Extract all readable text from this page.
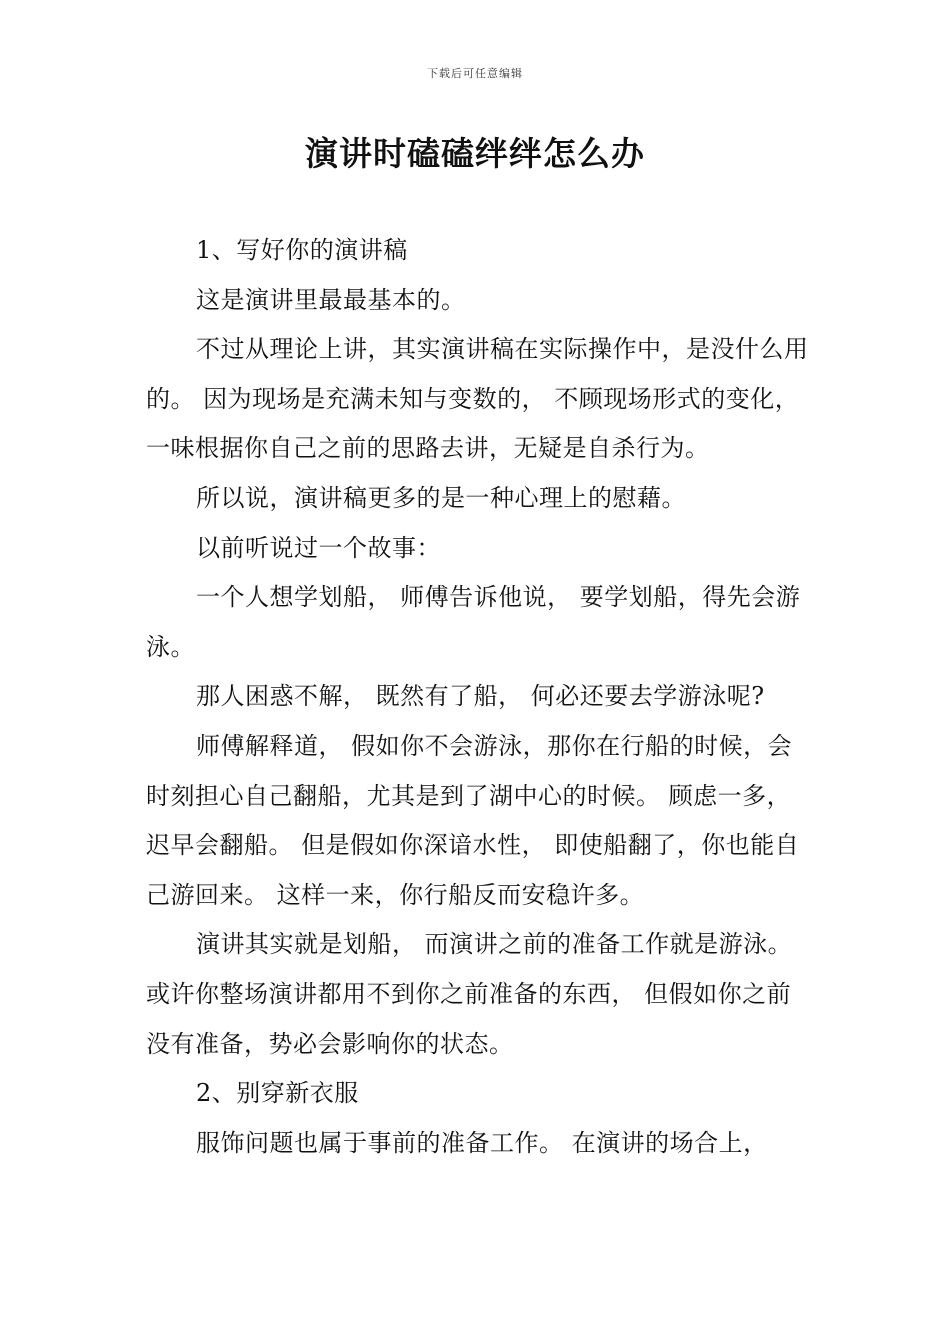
下载后可任意编辑
演讲时磕磕绊绊怎么办

1、写好你的演讲稿

这是演讲里最最基本的。

不过从理论上讲，其实演讲稿在实际操作中，是没什么用的。 因为现场是充满未知与变数的， 不顾现场形式的变化，一味根据你自己之前的思路去讲，无疑是自杀行为。

所以说，演讲稿更多的是一种心理上的慰藉。

以前听说过一个故事：

一个人想学划船， 师傅告诉他说， 要学划船，得先会游泳。

那人困惑不解， 既然有了船， 何必还要去学游泳呢?

师傅解释道， 假如你不会游泳，那你在行船的时候，会时刻担心自己翻船，尤其是到了湖中心的时候。 顾虑一多，迟早会翻船。 但是假如你深谙水性， 即使船翻了，你也能自己游回来。 这样一来，你行船反而安稳许多。

演讲其实就是划船， 而演讲之前的准备工作就是游泳。 或许你整场演讲都用不到你之前准备的东西， 但假如你之前没有准备，势必会影响你的状态。

2、别穿新衣服

服饰问题也属于事前的准备工作。 在演讲的场合上，
